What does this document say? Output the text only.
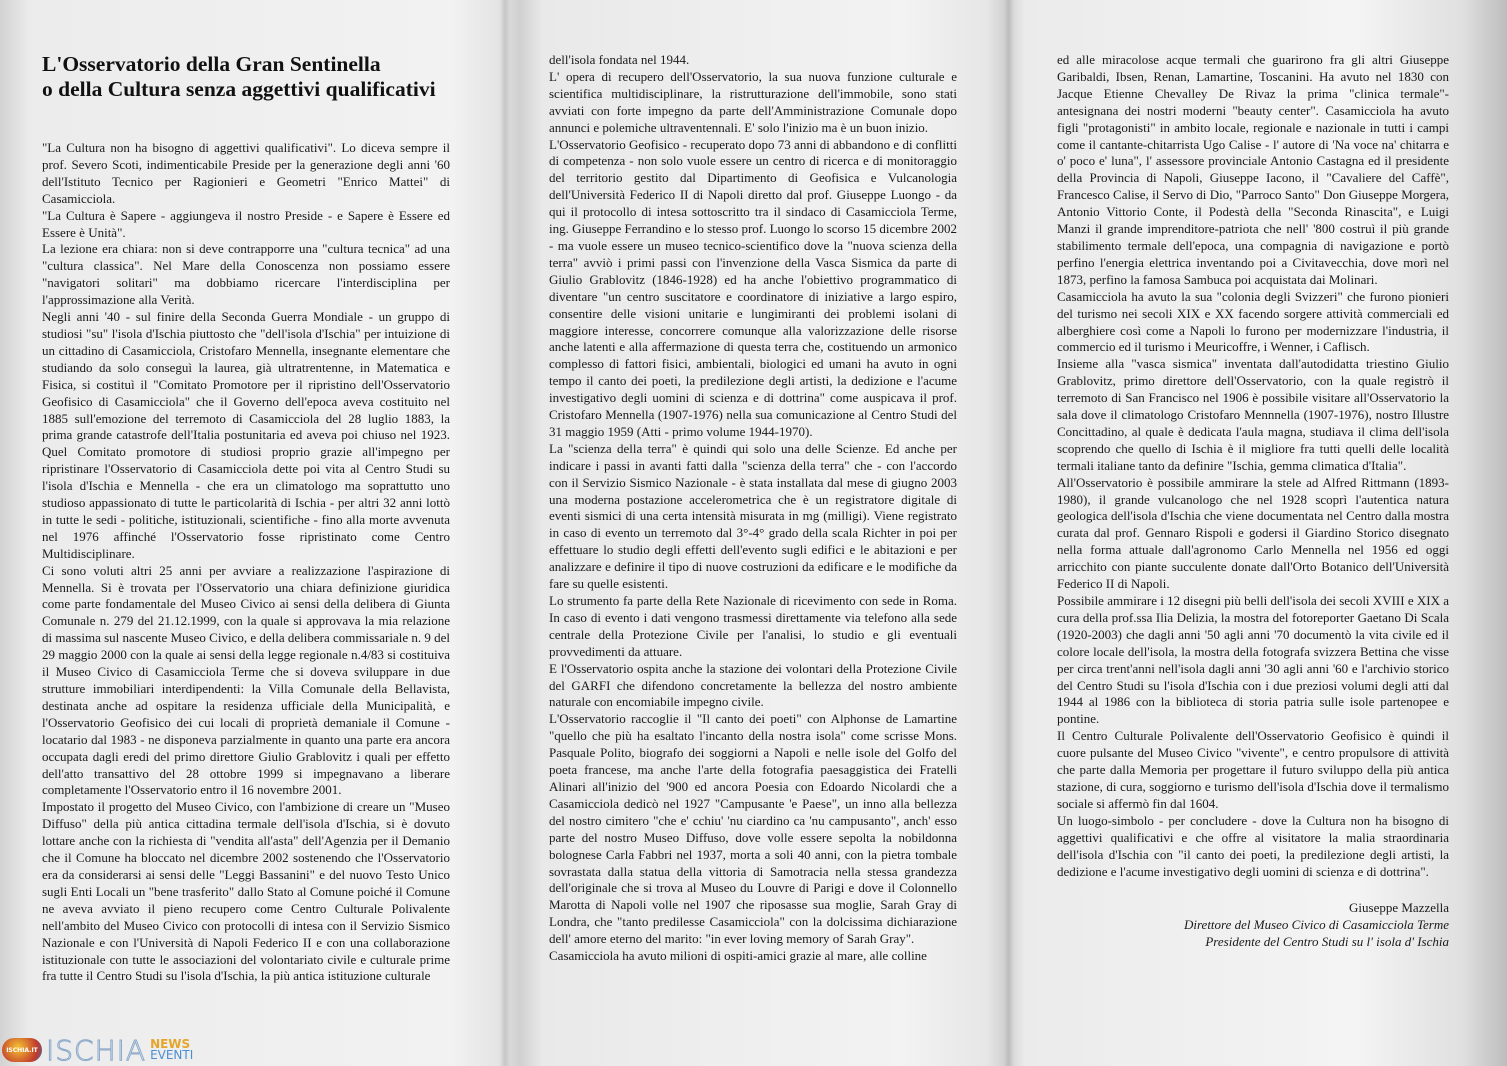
L'Osservatorio della Gran Sentinella
o della Cultura senza aggettivi qualificativi

"La Cultura non ha bisogno di aggettivi qualificativi". Lo diceva sempre il prof. Severo Scoti, indimenticabile Preside per la generazione degli anni '60 dell'Istituto Tecnico per Ragionieri e Geometri "Enrico Mattei" di Casamicciola.

"La Cultura è Sapere - aggiungeva il nostro Preside - e Sapere è Essere ed Essere è Unità".

La lezione era chiara: non si deve contrapporre una "cultura tecnica" ad una "cultura classica". Nel Mare della Conoscenza non possiamo essere "navigatori solitari" ma dobbiamo ricercare l'interdisciplina per l'approssimazione alla Verità.

Negli anni '40 - sul finire della Seconda Guerra Mondiale - un gruppo di studiosi "su" l'isola d'Ischia piuttosto che "dell'isola d'Ischia" per intuizione di un cittadino di Casamicciola, Cristofaro Mennella, insegnante elementare che studiando da solo conseguì la laurea, già ultratrentenne, in Matematica e Fisica, si costituì il "Comitato Promotore per il ripristino dell'Osservatorio Geofisico di Casamicciola" che il Governo dell'epoca aveva costituito nel 1885 sull'emozione del terremoto di Casamicciola del 28 luglio 1883, la prima grande catastrofe dell'Italia postunitaria ed aveva poi chiuso nel 1923. Quel Comitato promotore di studiosi proprio grazie all'impegno per ripristinare l'Osservatorio di Casamicciola dette poi vita al Centro Studi su l'isola d'Ischia e Mennella - che era un climatologo ma soprattutto uno studioso appassionato di tutte le particolarità di Ischia - per altri 32 anni lottò in tutte le sedi - politiche, istituzionali, scientifiche - fino alla morte avvenuta nel 1976 affinché l'Osservatorio fosse ripristinato come Centro Multidisciplinare.

Ci sono voluti altri 25 anni per avviare a realizzazione l'aspirazione di Mennella. Si è trovata per l'Osservatorio una chiara definizione giuridica come parte fondamentale del Museo Civico ai sensi della delibera di Giunta Comunale n. 279 del 21.12.1999, con la quale si approvava la mia relazione di massima sul nascente Museo Civico, e della delibera commissariale n. 9 del 29 maggio 2000 con la quale ai sensi della legge regionale n.4/83 si costituiva il Museo Civico di Casamicciola Terme che si doveva sviluppare in due strutture immobiliari interdipendenti: la Villa Comunale della Bellavista, destinata anche ad ospitare la residenza ufficiale della Municipalità, e l'Osservatorio Geofisico dei cui locali di proprietà demaniale il Comune - locatario dal 1983 - ne disponeva parzialmente in quanto una parte era ancora occupata dagli eredi del primo direttore Giulio Grablovitz i quali per effetto dell'atto transattivo del 28 ottobre 1999 si impegnavano a liberare completamente l'Osservatorio entro il 16 novembre 2001.

Impostato il progetto del Museo Civico, con l'ambizione di creare un "Museo Diffuso" della più antica cittadina termale dell'isola d'Ischia, si è dovuto lottare anche con la richiesta di "vendita all'asta" dell'Agenzia per il Demanio che il Comune ha bloccato nel dicembre 2002 sostenendo che l'Osservatorio era da considerarsi ai sensi delle "Leggi Bassanini" e del nuovo Testo Unico sugli Enti Locali un "bene trasferito" dallo Stato al Comune poiché il Comune ne aveva avviato il pieno recupero come Centro Culturale Polivalente nell'ambito del Museo Civico con protocolli di intesa con il Servizio Sismico Nazionale e con l'Università di Napoli Federico II e con una collaborazione istituzionale con tutte le associazioni del volontariato civile e culturale prime fra tutte il Centro Studi su l'isola d'Ischia, la più antica istituzione culturale

dell'isola fondata nel 1944.

L' opera di recupero dell'Osservatorio, la sua nuova funzione culturale e scientifica multidisciplinare, la ristrutturazione dell'immobile, sono stati avviati con forte impegno da parte dell'Amministrazione Comunale dopo annunci e polemiche ultraventennali. E' solo l'inizio ma è un buon inizio.

L'Osservatorio Geofisico - recuperato dopo 73 anni di abbandono e di conflitti di competenza - non solo vuole essere un centro di ricerca e di monitoraggio del territorio gestito dal Dipartimento di Geofisica e Vulcanologia dell'Università Federico II di Napoli diretto dal prof. Giuseppe Luongo - da qui il protocollo di intesa sottoscritto tra il sindaco di Casamicciola Terme, ing. Giuseppe Ferrandino e lo stesso prof. Luongo lo scorso 15 dicembre 2002 - ma vuole essere un museo tecnico-scientifico dove la "nuova scienza della terra" avviò i primi passi con l'invenzione della Vasca Sismica da parte di Giulio Grablovitz (1846-1928) ed ha anche l'obiettivo programmatico di diventare "un centro suscitatore e coordinatore di iniziative a largo espiro, consentire delle visioni unitarie e lungimiranti dei problemi isolani di maggiore interesse, concorrere comunque alla valorizzazione delle risorse anche latenti e alla affermazione di questa terra che, costituendo un armonico complesso di fattori fisici, ambientali, biologici ed umani ha avuto in ogni tempo il canto dei poeti, la predilezione degli artisti, la dedizione e l'acume investigativo degli uomini di scienza e di dottrina" come auspicava il prof. Cristofaro Mennella (1907-1976) nella sua comunicazione al Centro Studi del 31 maggio 1959 (Atti - primo volume 1944-1970).

La "scienza della terra" è quindi qui solo una delle Scienze. Ed anche per indicare i passi in avanti fatti dalla "scienza della terra" che - con l'accordo con il Servizio Sismico Nazionale - è stata installata dal mese di giugno 2003 una moderna postazione accelerometrica che è un registratore digitale di eventi sismici di una certa intensità misurata in mg (milligi). Viene registrato in caso di evento un terremoto dal 3°-4° grado della scala Richter in poi per effettuare lo studio degli effetti dell'evento sugli edifici e le abitazioni e per analizzare e definire il tipo di nuove costruzioni da edificare e le modifiche da fare su quelle esistenti.

Lo strumento fa parte della Rete Nazionale di ricevimento con sede in Roma. In caso di evento i dati vengono trasmessi direttamente via telefono alla sede centrale della Protezione Civile per l'analisi, lo studio e gli eventuali provvedimenti da attuare.

E l'Osservatorio ospita anche la stazione dei volontari della Protezione Civile del GARFI che difendono concretamente la bellezza del nostro ambiente naturale con encomiabile impegno civile.

L'Osservatorio raccoglie il "Il canto dei poeti" con Alphonse de Lamartine "quello che più ha esaltato l'incanto della nostra isola" come scrisse Mons. Pasquale Polito, biografo dei soggiorni a Napoli e nelle isole del Golfo del poeta francese, ma anche l'arte della fotografia paesaggistica dei Fratelli Alinari all'inizio del '900 ed ancora Poesia con Edoardo Nicolardi che a Casamicciola dedicò nel 1927 "Campusante 'e Paese", un inno alla bellezza del nostro cimitero "che e' cchiu' 'nu ciardino ca 'nu campusanto", anch' esso parte del nostro Museo Diffuso, dove volle essere sepolta la nobildonna bolognese Carla Fabbri nel 1937, morta a soli 40 anni, con la pietra tombale sovrastata dalla statua della vittoria di Samotracia nella stessa grandezza dell'originale che si trova al Museo du Louvre di Parigi e dove il Colonnello Marotta di Napoli volle nel 1907 che riposasse sua moglie, Sarah Gray di Londra, che "tanto predilesse Casamicciola" con la dolcissima dichiarazione dell' amore eterno del marito: "in ever loving memory of Sarah Gray".

Casamicciola ha avuto milioni di ospiti-amici grazie al mare, alle colline

ed alle miracolose acque termali che guarirono fra gli altri Giuseppe Garibaldi, Ibsen, Renan, Lamartine, Toscanini. Ha avuto nel 1830 con Jacque Etienne Chevalley De Rivaz la prima "clinica termale"- antesignana dei nostri moderni "beauty center". Casamicciola ha avuto figli "protagonisti" in ambito locale, regionale e nazionale in tutti i campi come il cantante-chitarrista Ugo Calise - l' autore di 'Na voce na' chitarra e o' poco e' luna", l' assessore provinciale Antonio Castagna ed il presidente della Provincia di Napoli, Giuseppe Iacono, il "Cavaliere del Caffè", Francesco Calise, il Servo di Dio, "Parroco Santo" Don Giuseppe Morgera, Antonio Vittorio Conte, il Podestà della "Seconda Rinascita", e Luigi Manzi il grande imprenditore-patriota che nell' '800 costruì il più grande stabilimento termale dell'epoca, una compagnia di navigazione e portò perfino l'energia elettrica inventando poi a Civitavecchia, dove morì nel 1873, perfino la famosa Sambuca poi acquistata dai Molinari.

Casamicciola ha avuto la sua "colonia degli Svizzeri" che furono pionieri del turismo nei secoli XIX e XX facendo sorgere attività commerciali ed alberghiere così come a Napoli lo furono per modernizzare l'industria, il commercio ed il turismo i Meuricoffre, i Wenner, i Caflisch.

Insieme alla "vasca sismica" inventata dall'autodidatta triestino Giulio Grablovitz, primo direttore dell'Osservatorio, con la quale registrò il terremoto di San Francisco nel 1906 è possibile visitare all'Osservatorio la sala dove il climatologo Cristofaro Mennnella (1907-1976), nostro Illustre Concittadino, al quale è dedicata l'aula magna, studiava il clima dell'isola scoprendo che quello di Ischia è il migliore fra tutti quelli delle località termali italiane tanto da definire "Ischia, gemma climatica d'Italia".

All'Osservatorio è possibile ammirare la stele ad Alfred Rittmann (1893-1980), il grande vulcanologo che nel 1928 scoprì l'autentica natura geologica dell'isola d'Ischia che viene documentata nel Centro dalla mostra curata dal prof. Gennaro Rispoli e godersi il Giardino Storico disegnato nella forma attuale dall'agronomo Carlo Mennella nel 1956 ed oggi arricchito con piante succulente donate dall'Orto Botanico dell'Università Federico II di Napoli.

Possibile ammirare i 12 disegni più belli dell'isola dei secoli XVIII e XIX a cura della prof.ssa Ilia Delizia, la mostra del fotoreporter Gaetano Di Scala (1920-2003) che dagli anni '50 agli anni '70 documentò la vita civile ed il colore locale dell'isola, la mostra della fotografa svizzera Bettina che visse per circa trent'anni nell'isola dagli anni '30 agli anni '60 e l'archivio storico del Centro Studi su l'isola d'Ischia con i due preziosi volumi degli atti dal 1944 al 1986 con la biblioteca di storia patria sulle isole partenopee e pontine.

Il Centro Culturale Polivalente dell'Osservatorio Geofisico è quindi il cuore pulsante del Museo Civico "vivente", e centro propulsore di attività che parte dalla Memoria per progettare il futuro sviluppo della più antica stazione, di cura, soggiorno e turismo dell'isola d'Ischia dove il termalismo sociale si affermò fin dal 1604.

Un luogo-simbolo - per concludere - dove la Cultura non ha bisogno di aggettivi qualificativi e che offre al visitatore la malia straordinaria dell'isola d'Ischia con "il canto dei poeti, la predilezione degli artisti, la dedizione e l'acume investigativo degli uomini di scienza e di dottrina".

Giuseppe Mazzella
Direttore del Museo Civico di Casamicciola Terme
Presidente del Centro Studi su l' isola d' Ischia
ISCHIA.IT ISCHIA NEWS
EVENTI
